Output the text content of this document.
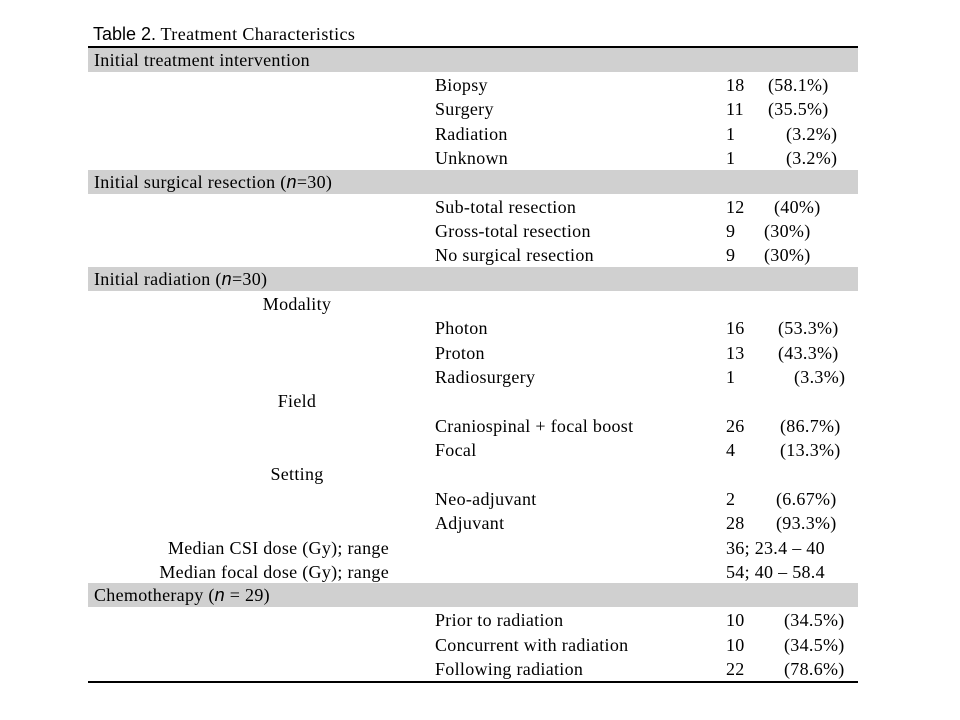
Table 2. Treatment Characteristics
Initial treatment intervention
Biopsy	18 (58.1%)
Surgery	11 (35.5%)
Radiation	1	(3.2%)
Unknown	1	(3.2%)
Initial surgical resection (n=30)
Sub-total resection	12 (40%)
Gross-total resection	9 (30%)
No surgical resection	9 (30%)
Initial radiation (n=30)
Modality
Photon	16 (53.3%)
Proton	13 (43.3%)
Radiosurgery	1	(3.3%)
Field
Craniospinal + focal boost	26 (86.7%)
Focal	4 (13.3%)
Setting
Neo-adjuvant	2 (6.67%)
Adjuvant	28 (93.3%)
Median CSI dose (Gy); range	36; 23.4 – 40
Median focal dose (Gy); range	54; 40 – 58.4
Chemotherapy (n = 29)
Prior to radiation	10 (34.5%)
Concurrent with radiation	10 (34.5%)
Following radiation	22 (78.6%)
